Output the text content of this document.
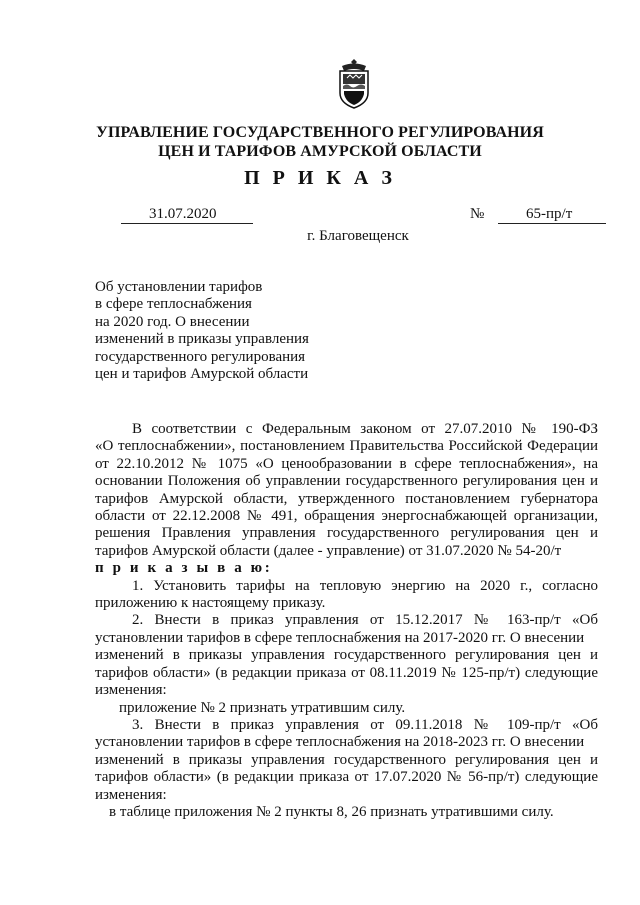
УПРАВЛЕНИЕ ГОСУДАРСТВЕННОГО РЕГУЛИРОВАНИЯ
ЦЕН И ТАРИФОВ АМУРСКОЙ ОБЛАСТИ
П Р И К А З
31.07.2020	№	65-пр/т
г. Благовещенск
Об установлении тарифов
в сфере теплоснабжения
на 2020 год. О внесении
изменений в приказы управления
государственного регулирования
цен и тарифов Амурской области
В соответствии с Федеральным законом от 27.07.2010 № 190-ФЗ
«О теплоснабжении», постановлением Правительства Российской Федерации
от 22.10.2012 № 1075 «О ценообразовании в сфере теплоснабжения», на
основании Положения об управлении государственного регулирования цен и
тарифов Амурской области, утвержденного постановлением губернатора
области от 22.12.2008 № 491, обращения энергоснабжающей организации,
решения Правления управления государственного регулирования цен и
тарифов Амурской области (далее - управление) от 31.07.2020 № 54-20/т
п р и к а з ы в а ю:
1. Установить тарифы на тепловую энергию на 2020 г., согласно
приложению к настоящему приказу.
2. Внести в приказ управления от 15.12.2017 № 163-пр/т «Об
установлении тарифов в сфере теплоснабжения на 2017-2020 гг. О внесении
изменений в приказы управления государственного регулирования цен и
тарифов области» (в редакции приказа от 08.11.2019 № 125-пр/т) следующие
изменения:
приложение № 2 признать утратившим силу.
3. Внести в приказ управления от 09.11.2018 № 109-пр/т «Об
установлении тарифов в сфере теплоснабжения на 2018-2023 гг. О внесении
изменений в приказы управления государственного регулирования цен и
тарифов области» (в редакции приказа от 17.07.2020 № 56-пр/т) следующие
изменения:
в таблице приложения № 2 пункты 8, 26 признать утратившими силу.
